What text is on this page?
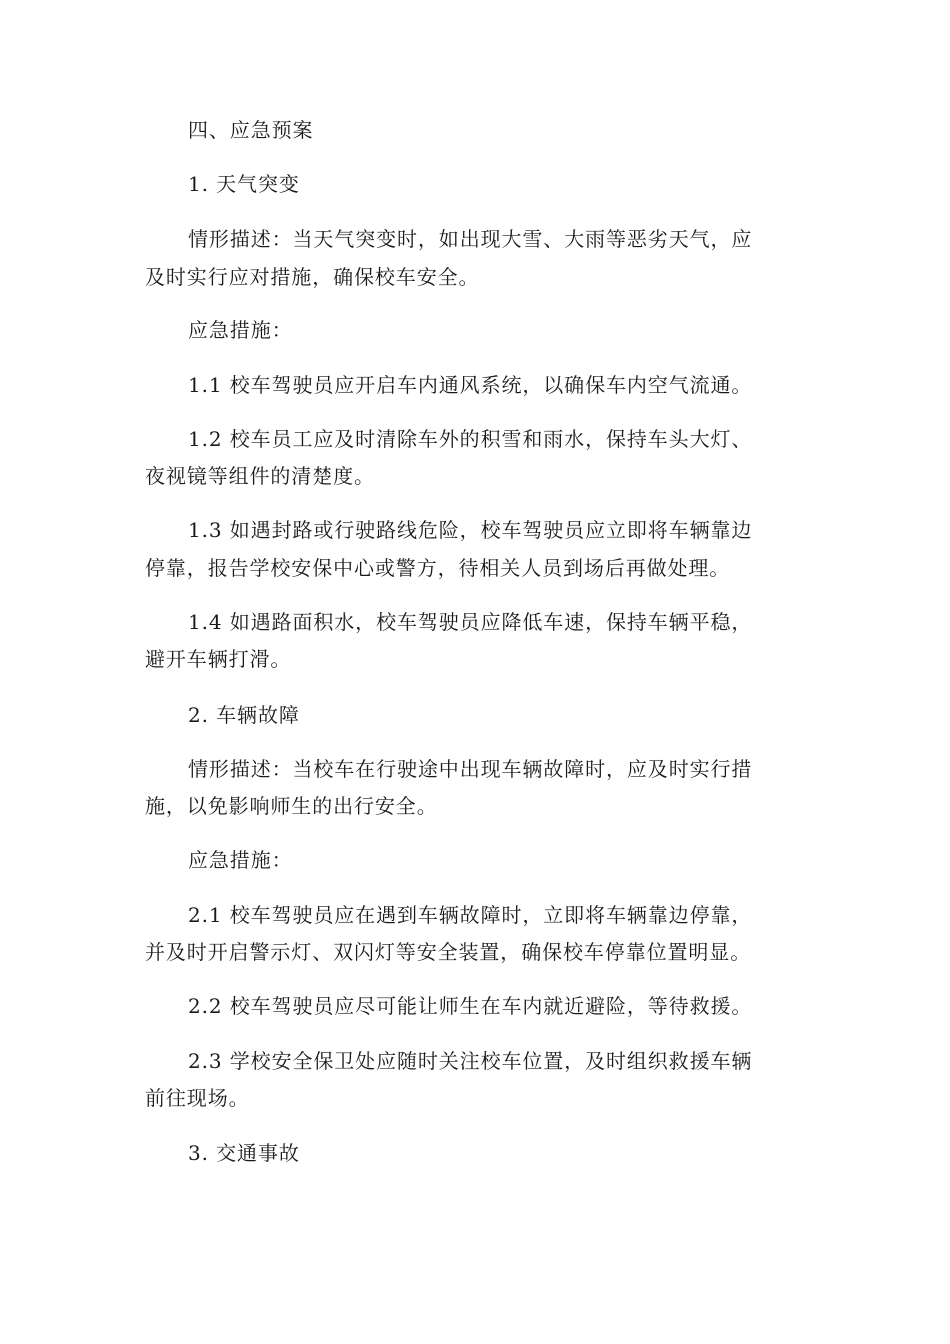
四、应急预案
1. 天气突变
情形描述：当天气突变时，如出现大雪、大雨等恶劣天气，应
及时实行应对措施，确保校车安全。
应急措施：
1.1 校车驾驶员应开启车内通风系统，以确保车内空气流通。
1.2 校车员工应及时清除车外的积雪和雨水，保持车头大灯、
夜视镜等组件的清楚度。
1.3 如遇封路或行驶路线危险，校车驾驶员应立即将车辆靠边
停靠，报告学校安保中心或警方，待相关人员到场后再做处理。
1.4 如遇路面积水，校车驾驶员应降低车速，保持车辆平稳，
避开车辆打滑。
2. 车辆故障
情形描述：当校车在行驶途中出现车辆故障时，应及时实行措
施，以免影响师生的出行安全。
应急措施：
2.1 校车驾驶员应在遇到车辆故障时，立即将车辆靠边停靠，
并及时开启警示灯、双闪灯等安全装置，确保校车停靠位置明显。
2.2 校车驾驶员应尽可能让师生在车内就近避险，等待救援。
2.3 学校安全保卫处应随时关注校车位置，及时组织救援车辆
前往现场。
3. 交通事故
